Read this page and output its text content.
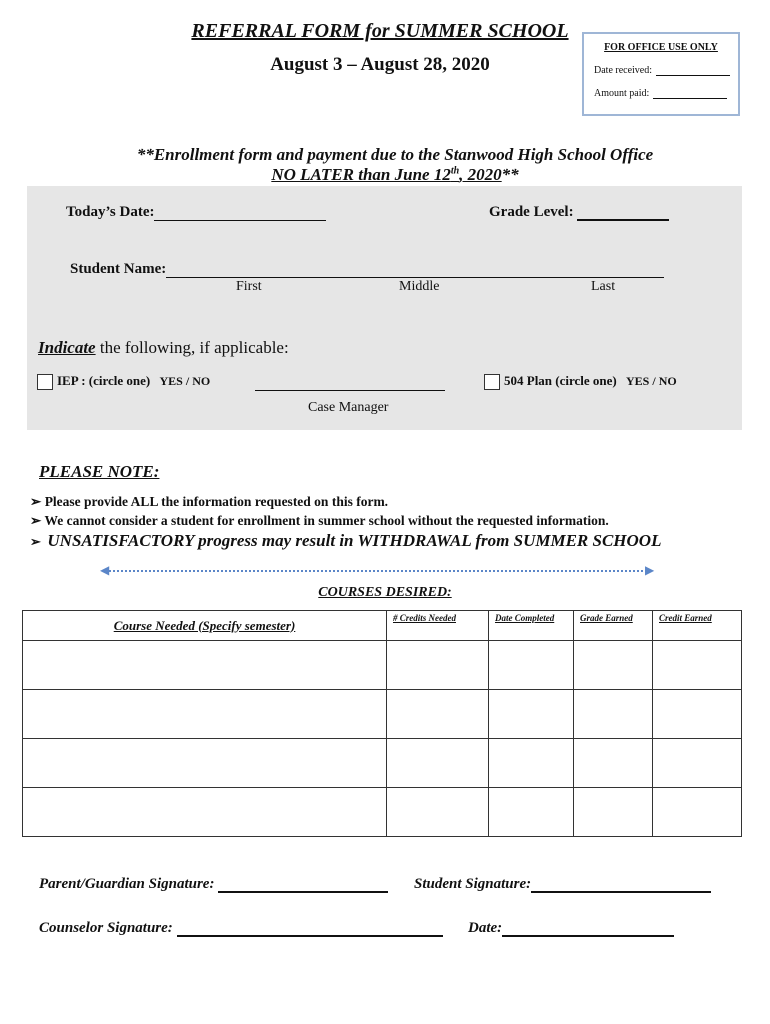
REFERRAL FORM for SUMMER SCHOOL
August 3 – August 28, 2020
FOR OFFICE USE ONLY
Date received:
Amount paid:
**Enrollment form and payment due to the Stanwood High School Office
NO LATER than June 12th, 2020**
Today’s Date:	Grade Level:
Student Name:
First	Middle	Last
Indicate the following, if applicable:
IEP : (circle one) YES / NO
Case Manager
504 Plan (circle one) YES / NO
PLEASE NOTE:
➢ Please provide ALL the information requested on this form.
➢ We cannot consider a student for enrollment in summer school without the requested information.
➢  UNSATISFACTORY progress may result in WITHDRAWAL from SUMMER SCHOOL
◀	▶
COURSES DESIRED:
Course Needed (Specify semester)	# Credits Needed	Date Completed	Grade Earned	Credit Earned

Parent/Guardian Signature:	Student Signature:
Counselor Signature:	Date:
